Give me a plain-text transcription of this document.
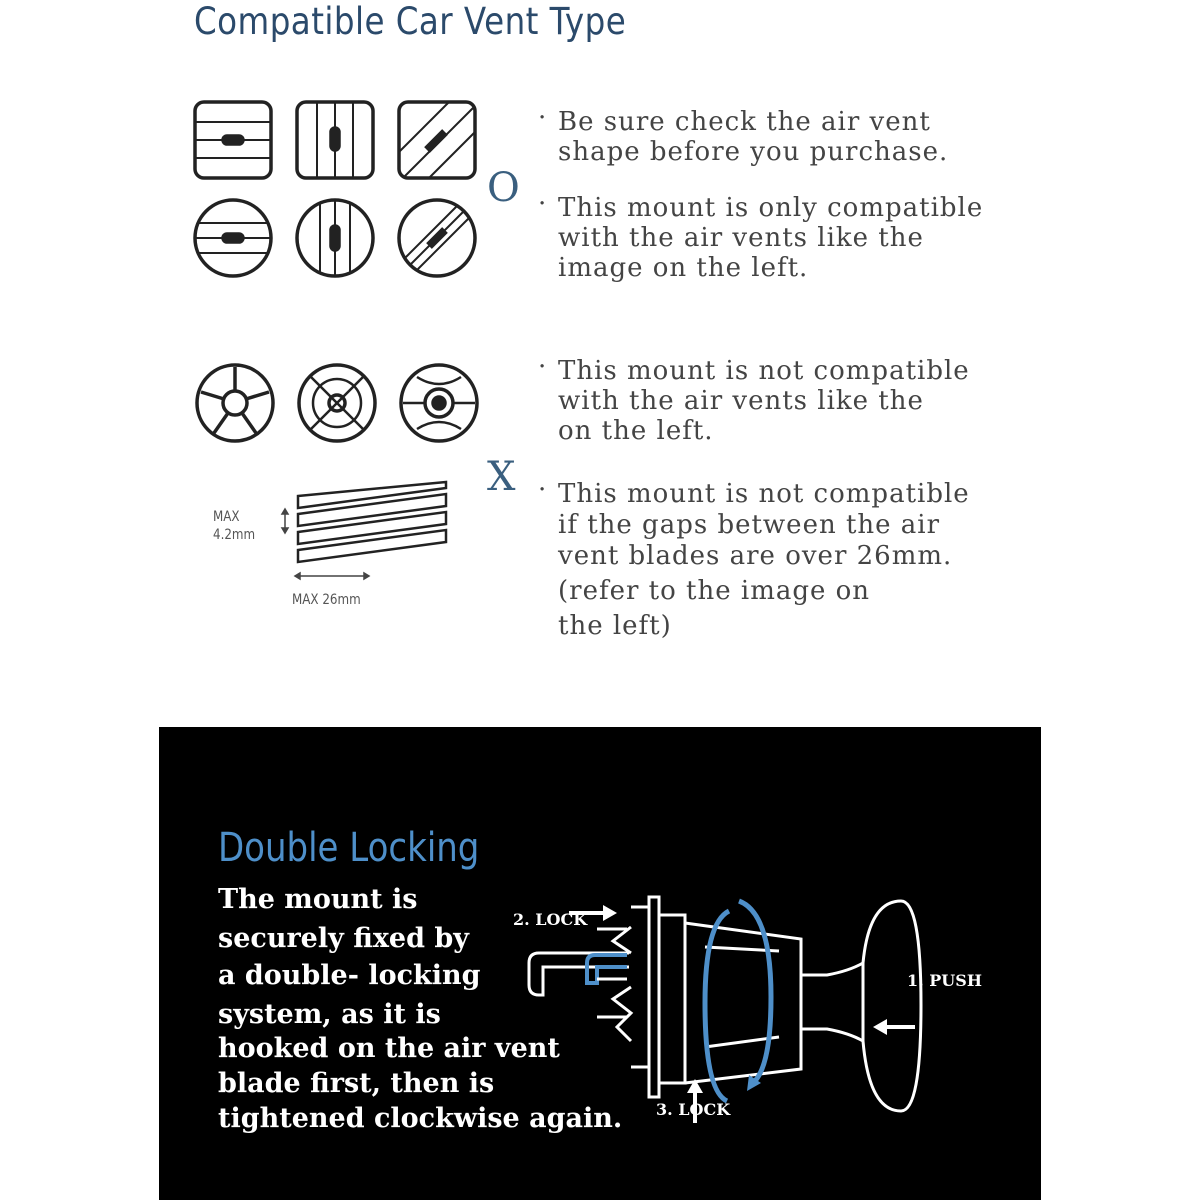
Compatible Car Vent Type
O
· Be sure check the air vent
shape before you purchase.
· This mount is only compatible
with the air vents like the
image on the left.
X
· This mount is not compatible
with the air vents like the
on the left.
· This mount is not compatible
if the gaps between the air
vent blades are over 26mm.
(refer to the image on
the left)
MAX
4.2mm
MAX 26mm
Double Locking
The mount is
securely fixed by
a double- locking
system, as it is
hooked on the air vent
blade first, then is
tightened clockwise again.
2. LOCK
1. PUSH
3. LOCK
